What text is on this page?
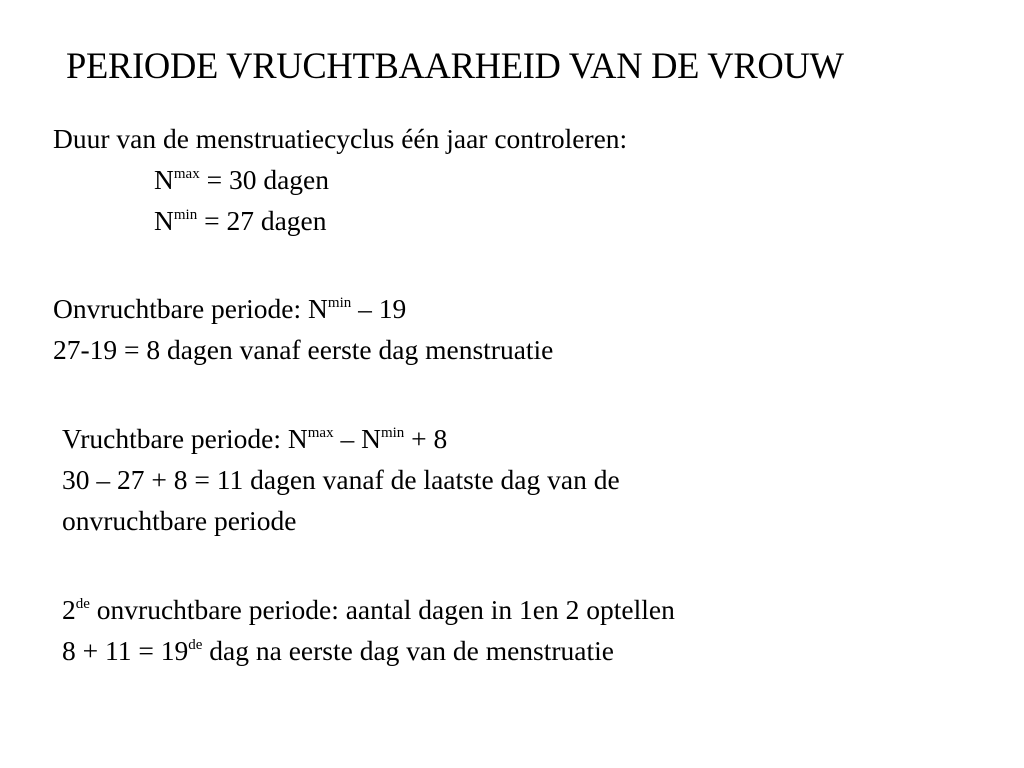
PERIODE VRUCHTBAARHEID VAN DE VROUW
Duur van de menstruatiecyclus één jaar controleren:
$N^{max} = 30$ dagen
$N^{min} = 27$ dagen
Onvruchtbare periode: $N^{min} - 19$
27-19 = 8 dagen vanaf eerste dag menstruatie
Vruchtbare periode: $N^{max} - N^{min} + 8$
30 – 27 + 8 = 11 dagen vanaf de laatste dag van de
onvruchtbare periode
2de onvruchtbare periode: aantal dagen in 1en 2 optellen
8 + 11 = 19de dag na eerste dag van de menstruatie
